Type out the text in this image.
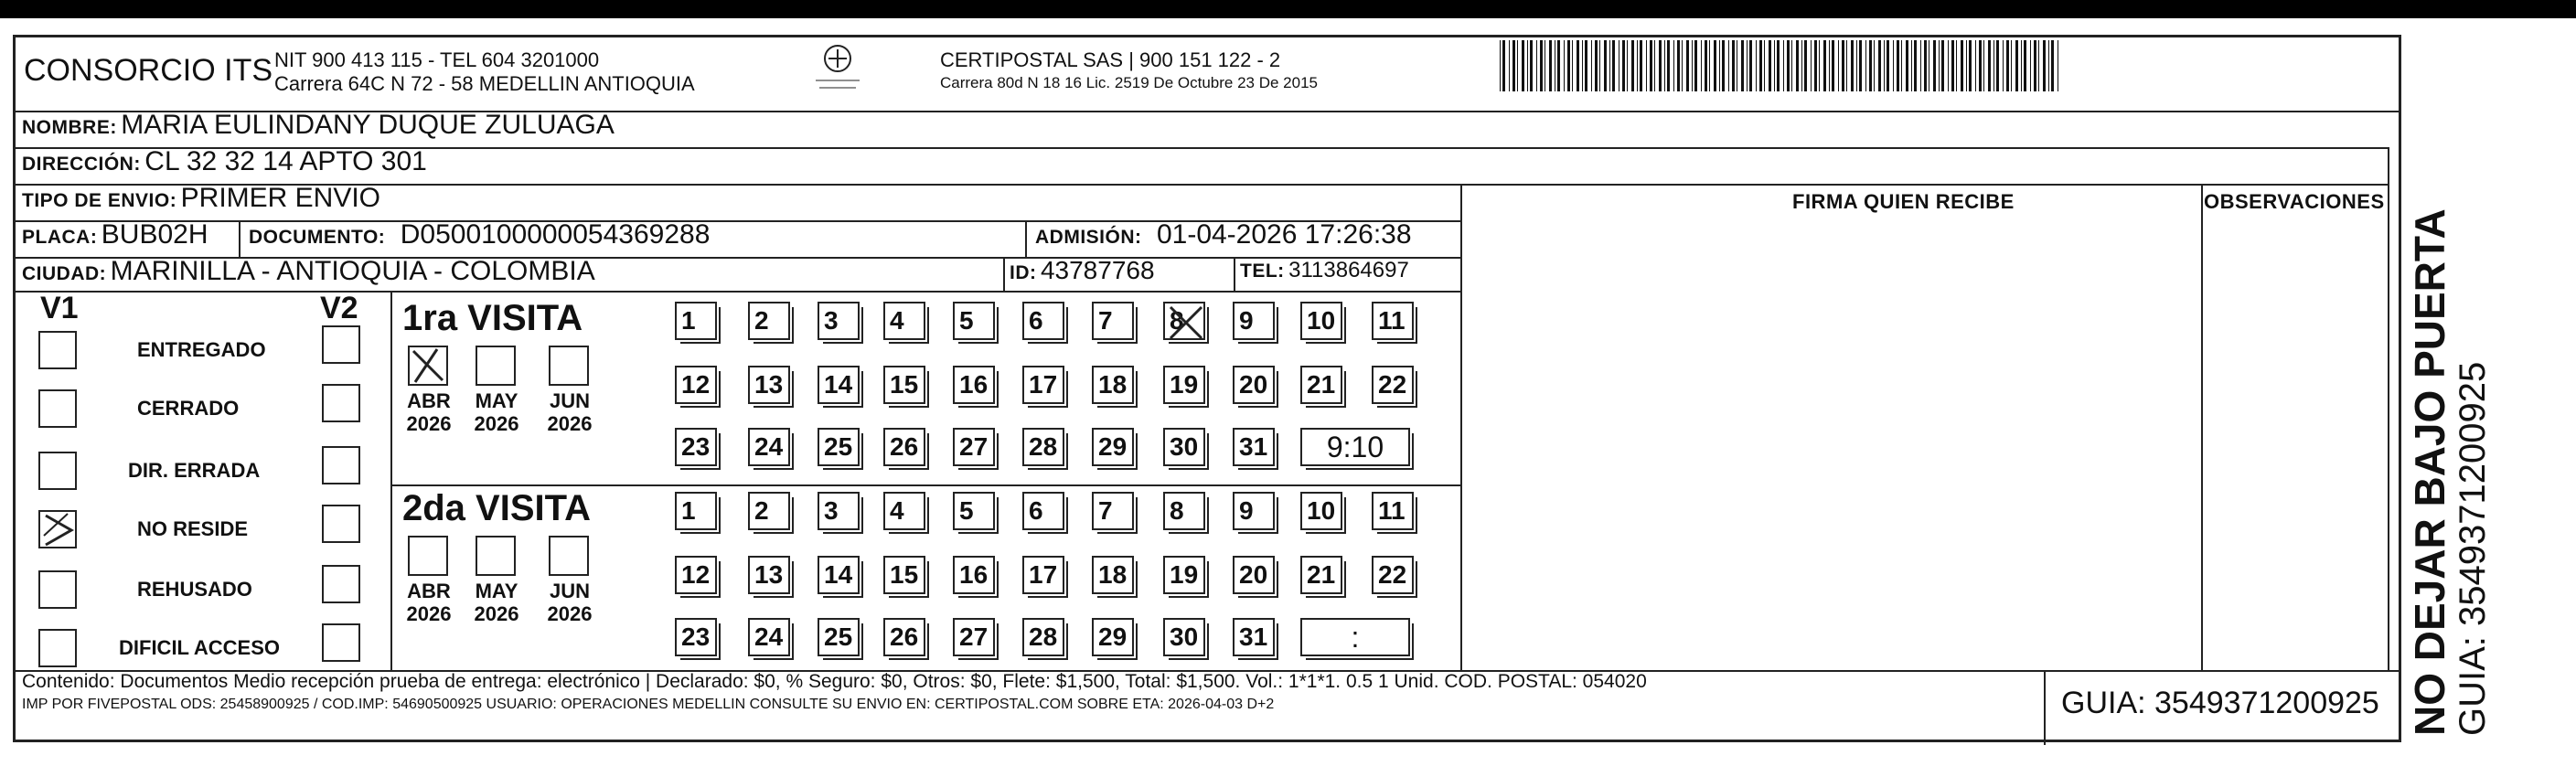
CONSORCIO ITS NIT 900 413 115 - TEL 604 3201000
Carrera 64C N 72 - 58 MEDELLIN ANTIOQUIA
CERTIPOSTAL SAS | 900 151 122 - 2
Carrera 80d N 18 16 Lic. 2519 De Octubre 23 De 2015
NOMBRE: MARIA EULINDANY DUQUE ZULUAGA
DIRECCIÓN: CL 32 32 14 APTO 301
TIPO DE ENVIO: PRIMER ENVIO	FIRMA QUIEN RECIBE	OBSERVACIONES
PLACA: BUB02H DOCUMENTO: D0500100000054369288	ADMISIÓN: 01-04-2026 17:26:38
CIUDAD: MARINILLA - ANTIOQUIA - COLOMBIA	ID: 43787768	TEL: 3113864697
V1	V2
ENTREGADO
CERRADO
DIR. ERRADA
NO RESIDE
REHUSADO
DIFICIL ACCESO
1ra VISITA
2da VISITA
ABR
2026
MAY
2026
JUN
2026
1	2	3	4	5	6	7	8	9	10 11
12 13 14 15 16 17 18 19 20 21 22
23 24 25 26 27 28 29 30 31	9:10
ABR
2026
MAY
2026
JUN
2026
1	2	3	4	5	6	7	8	9	10 11
12 13 14 15 16 17 18 19 20 21 22
23 24 25 26 27 28 29 30 31	:
Contenido: Documentos Medio recepción prueba de entrega: electrónico | Declarado: $0, % Seguro: $0, Otros: $0, Flete: $1,500, Total: $1,500. Vol.: 1*1*1. 0.5 1 Unid. COD. POSTAL: 054020
IMP POR FIVEPOSTAL ODS: 25458900925 / COD.IMP: 54690500925 USUARIO: OPERACIONES MEDELLIN CONSULTE SU ENVIO EN: CERTIPOSTAL.COM SOBRE ETA: 2026-04-03 D+2	GUIA: 3549371200925 NO DEJAR BAJO PUERTA GUIA: 3549371200925
